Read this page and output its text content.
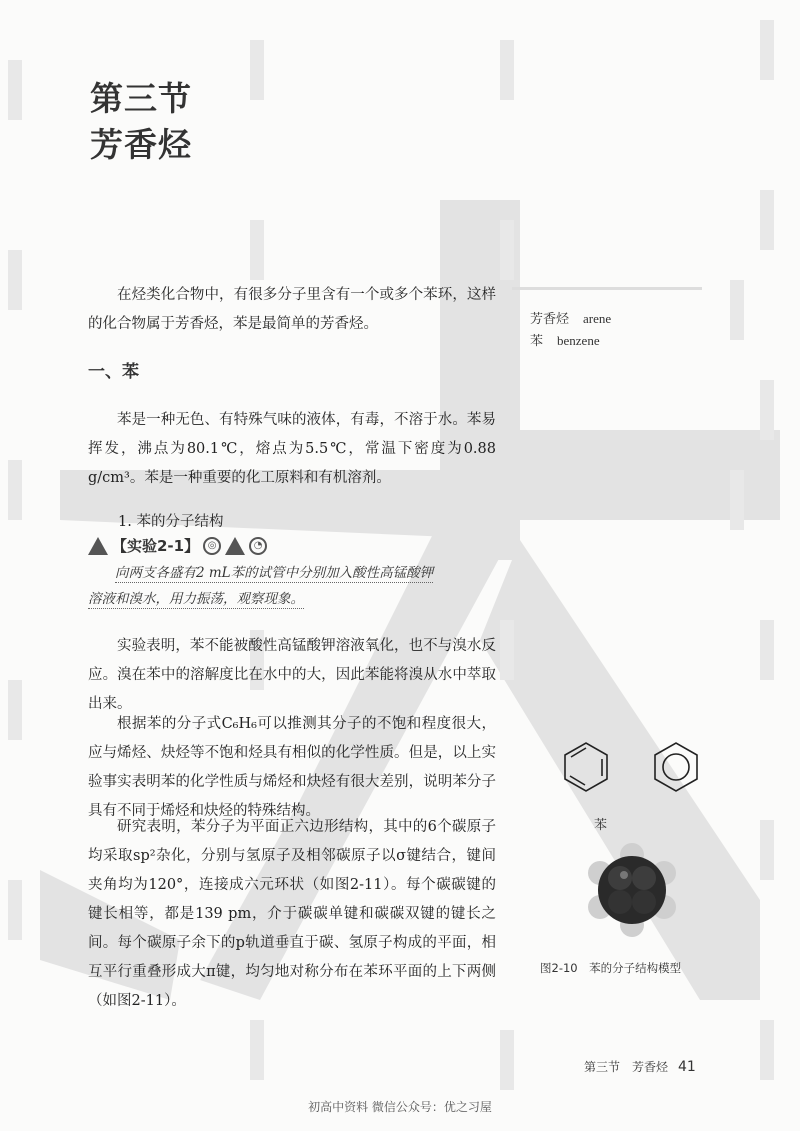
第三节
芳香烃

在烃类化合物中，有很多分子里含有一个或多个苯环，这样的化合物属于芳香烃，苯是最简单的芳香烃。	芳香烃 arene
苯 benzene
一、苯

苯是一种无色、有特殊气味的液体，有毒，不溶于水。苯易挥发，沸点为80.1℃，熔点为5.5℃，常温下密度为0.88 g/cm³。苯是一种重要的化工原料和有机溶剂。

1. 苯的分子结构
【实验2-1】 ◎	◔
向两支各盛有2 mL苯的试管中分别加入酸性高锰酸钾
溶液和溴水，用力振荡，观察现象。

实验表明，苯不能被酸性高锰酸钾溶液氧化，也不与溴水反应。溴在苯中的溶解度比在水中的大，因此苯能将溴从水中萃取出来。

根据苯的分子式C₆H₆可以推测其分子的不饱和程度很大，应与烯烃、炔烃等不饱和烃具有相似的化学性质。但是，以上实验事实表明苯的化学性质与烯烃和炔烃有很大差别，说明苯分子具有不同于烯烃和炔烃的特殊结构。

研究表明，苯分子为平面正六边形结构，其中的6个碳原子均采取sp²杂化，分别与氢原子及相邻碳原子以σ键结合，键间夹角均为120°，连接成六元环状（如图2-11）。每个碳碳键的键长相等，都是139 pm，介于碳碳单键和碳碳双键的键长之间。每个碳原子余下的p轨道垂直于碳、氢原子构成的平面，相互平行重叠形成大π键，均匀地对称分布在苯环平面的上下两侧（如图2-11）。

苯
图2-10　苯的分子结构模型
第三节　芳香烃 41
初高中资料 微信公众号：优之习屋
